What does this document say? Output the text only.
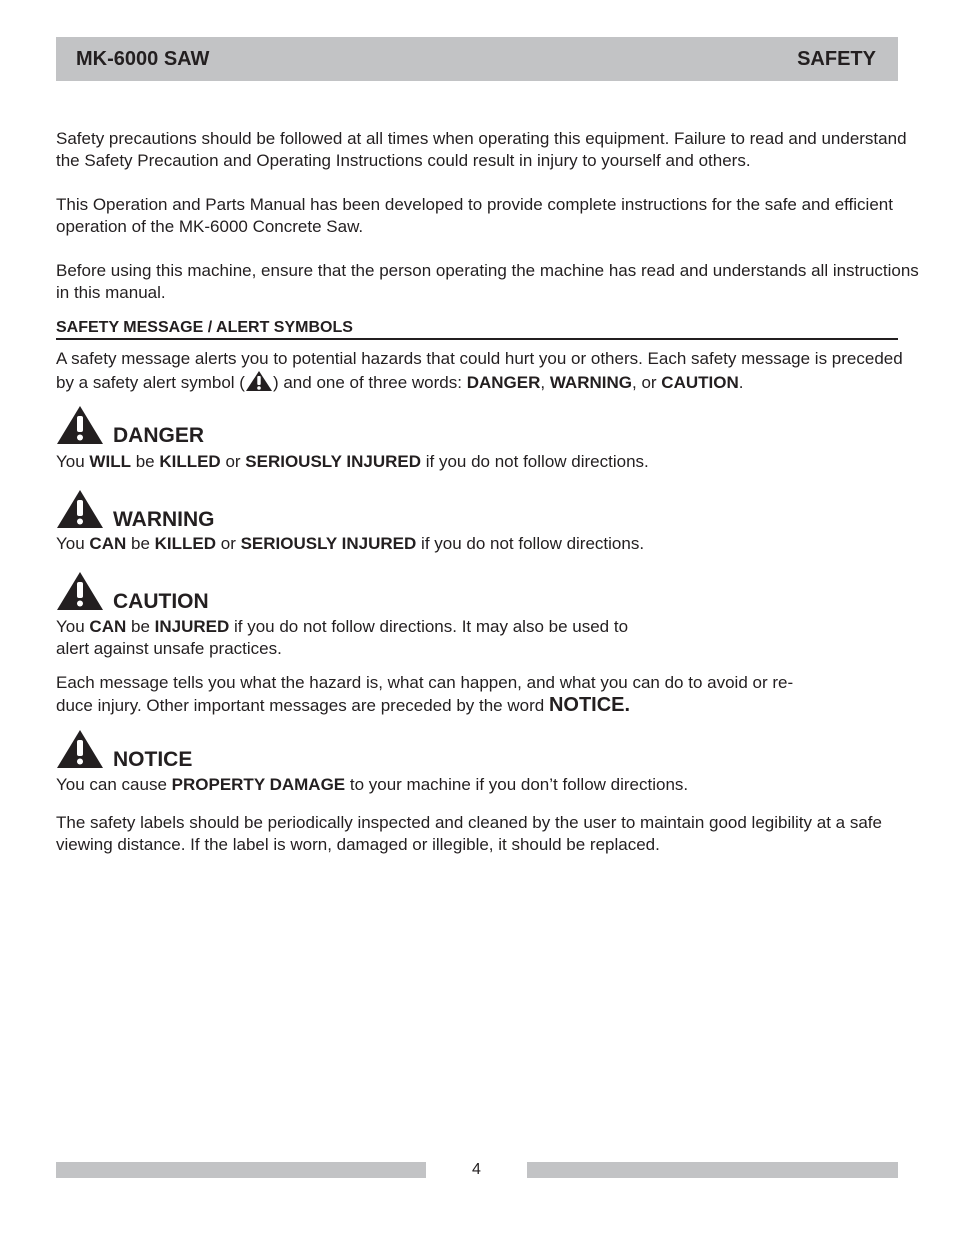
MK-6000 SAW	SAFETY

Safety precautions should be followed at all times when operating this equipment. Failure to read and understand the Safety Precaution and Operating Instructions could result in injury to yourself and others.

This Operation and Parts Manual has been developed to provide complete instructions for the safe and efficient operation of the MK-6000 Concrete Saw.

Before using this machine, ensure that the person operating the machine has read and understands all instructions in this manual.

SAFETY MESSAGE / ALERT SYMBOLS

A safety message alerts you to potential hazards that could hurt you or others. Each safety message is preceded by a safety alert symbol ( ) and one of three words: DANGER, WARNING, or CAUTION.

DANGER

You WILL be KILLED or SERIOUSLY INJURED if you do not follow directions.

WARNING

You CAN be KILLED or SERIOUSLY INJURED if you do not follow directions.

CAUTION

You CAN be INJURED if you do not follow directions. It may also be used to
alert against unsafe practices.

Each message tells you what the hazard is, what can happen, and what you can do to avoid or re-
duce injury. Other important messages are preceded by the word NOTICE.

NOTICE

You can cause PROPERTY DAMAGE to your machine if you don’t follow directions.

The safety labels should be periodically inspected and cleaned by the user to maintain good legibility at a safe viewing distance. If the label is worn, damaged or illegible, it should be replaced.

4
